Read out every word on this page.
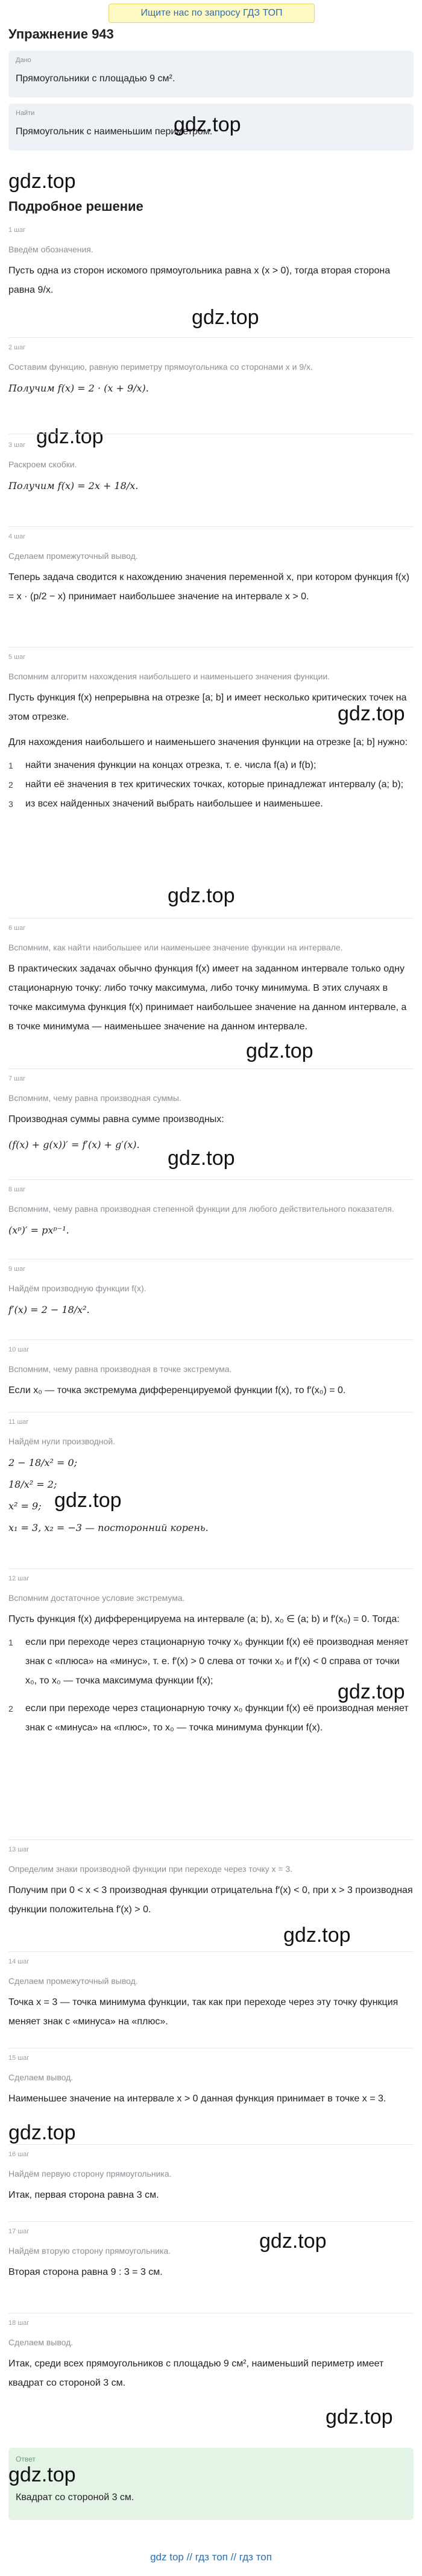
Ищите нас по запросу ГДЗ ТОП
Упражнение 943
Дано
Прямоугольники с площадью 9 см².
Найти
Прямоугольник с наименьшим периметром.
gdz.top
gdz.top
Подробное решение
1 шаг
Введём обозначения.
Пусть одна из сторон искомого прямоугольника равна x (x > 0), тогда вторая сторона равна 9/x.
gdz.top
2 шаг
Составим функцию, равную периметру прямоугольника со сторонами x и 9/x.
Получим f(x) = 2 · (x + 9/x).
gdz.top
3 шаг
Раскроем скобки.
Получим f(x) = 2x + 18/x.
4 шаг
Сделаем промежуточный вывод.
Теперь задача сводится к нахождению значения переменной x, при котором функция f(x) = x · (p/2 − x) принимает наибольшее значение на интервале x > 0.
5 шаг
Вспомним алгоритм нахождения наибольшего и наименьшего значения функции.
Пусть функция f(x) непрерывна на отрезке [a; b] и имеет несколько критических точек на этом отрезке.
Для нахождения наибольшего и наименьшего значения функции на отрезке [a; b] нужно:
1 найти значения функции на концах отрезка, т. е. числа f(a) и f(b);
2 найти её значения в тех критических точках, которые принадлежат интервалу (a; b);
3 из всех найденных значений выбрать наибольшее и наименьшее.
gdz.top
gdz.top
6 шаг
Вспомним, как найти наибольшее или наименьшее значение функции на интервале.
В практических задачах обычно функция f(x) имеет на заданном интервале только одну стационарную точку: либо точку максимума, либо точку минимума. В этих случаях в точке максимума функция f(x) принимает наибольшее значение на данном интервале, а в точке минимума — наименьшее значение на данном интервале.
gdz.top
7 шаг
Вспомним, чему равна производная суммы.
Производная суммы равна сумме производных:
(f(x) + g(x))′ = f′(x) + g′(x).
gdz.top
8 шаг
Вспомним, чему равна производная степенной функции для любого действительного показателя.
(xᵖ)′ = pxᵖ⁻¹.
9 шаг
Найдём производную функции f(x).
f′(x) = 2 − 18/x².
10 шаг
Вспомним, чему равна производная в точке экстремума.
Если x₀ — точка экстремума дифференцируемой функции f(x), то f′(x₀) = 0.
11 шаг
Найдём нули производной.
2 − 18/x² = 0;
18/x² = 2;
x² = 9;
x₁ = 3, x₂ = −3 — посторонний корень.
gdz.top
12 шаг
Вспомним достаточное условие экстремума.
Пусть функция f(x) дифференцируема на интервале (a; b), x₀ ∈ (a; b) и f′(x₀) = 0. Тогда:
1 если при переходе через стационарную точку x₀ функции f(x) её производная меняет знак с «плюса» на «минус», т. е. f′(x) > 0 слева от точки x₀ и f′(x) < 0 справа от точки x₀, то x₀ — точка максимума функции f(x);
2 если при переходе через стационарную точку x₀ функции f(x) её производная меняет знак с «минуса» на «плюс», то x₀ — точка минимума функции f(x).
gdz.top
13 шаг
Определим знаки производной функции при переходе через точку x = 3.
Получим при 0 < x < 3 производная функции отрицательна f′(x) < 0, при x > 3 производная функции положительна f′(x) > 0.
gdz.top
14 шаг
Сделаем промежуточный вывод.
Точка x = 3 — точка минимума функции, так как при переходе через эту точку функция меняет знак с «минуса» на «плюс».
15 шаг
Сделаем вывод.
Наименьшее значение на интервале x > 0 данная функция принимает в точке x = 3.
gdz.top
16 шаг
Найдём первую сторону прямоугольника.
Итак, первая сторона равна 3 см.
gdz.top
17 шаг
Найдём вторую сторону прямоугольника.
Вторая сторона равна 9 : 3 = 3 см.
18 шаг
Сделаем вывод.
Итак, среди всех прямоугольников с площадью 9 см², наименьший периметр имеет квадрат со стороной 3 см.
gdz.top
Ответ
gdz.top
Квадрат со стороной 3 см.
gdz top // гдз топ // гдз топ
